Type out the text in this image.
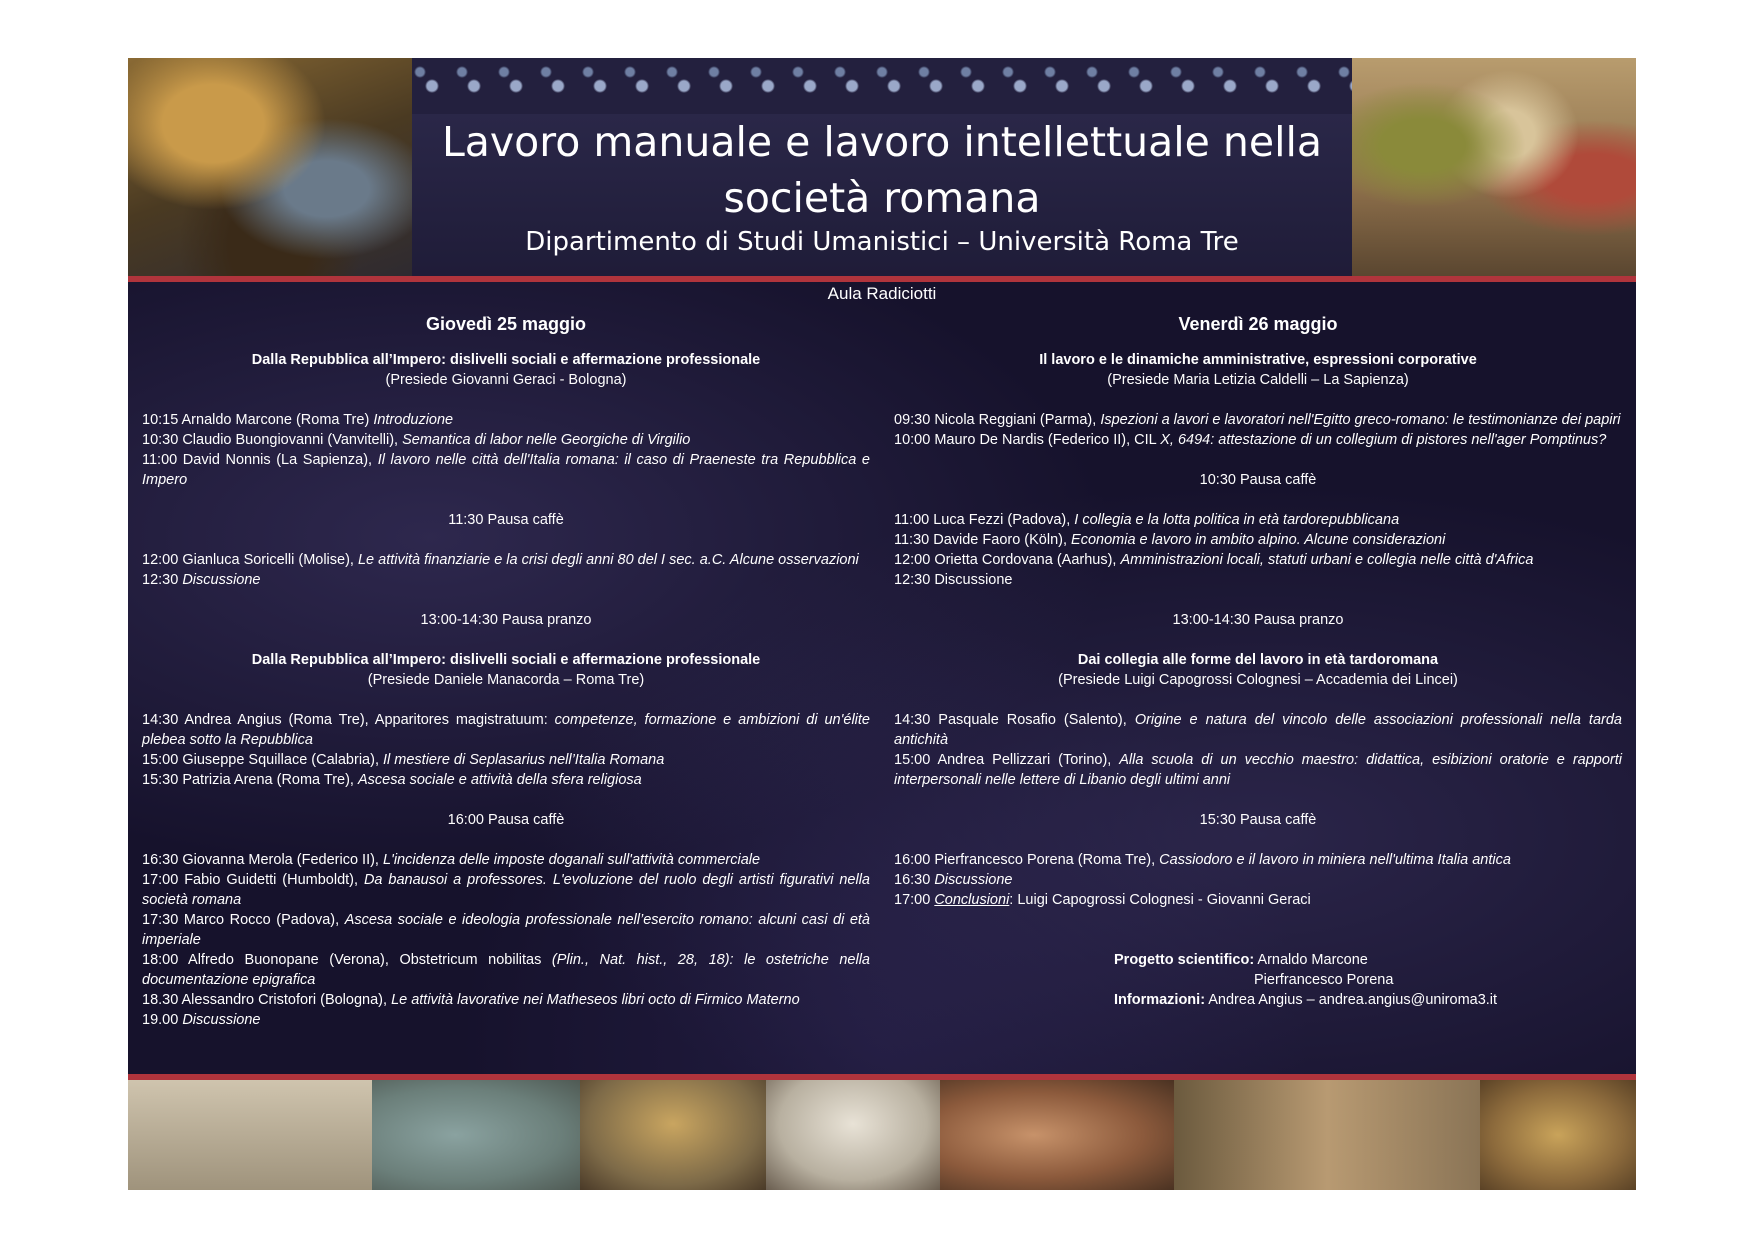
Lavoro manuale e lavoro intellettuale nella
società romana
Dipartimento di Studi Umanistici – Università Roma Tre
Aula Radiciotti
Giovedì 25 maggio
Dalla Repubblica all’Impero: dislivelli sociali e affermazione professionale
(Presiede Giovanni Geraci - Bologna)
10:15 Arnaldo Marcone (Roma Tre) Introduzione
10:30 Claudio Buongiovanni (Vanvitelli), Semantica di labor nelle Georgiche di Virgilio
11:00 David Nonnis (La Sapienza), Il lavoro nelle città dell'Italia romana: il caso di Praeneste tra Repubblica e Impero
11:30 Pausa caffè
12:00 Gianluca Soricelli (Molise), Le attività finanziarie e la crisi degli anni 80 del I sec. a.C. Alcune osservazioni
12:30 Discussione
13:00-14:30 Pausa pranzo
Dalla Repubblica all’Impero: dislivelli sociali e affermazione professionale
(Presiede Daniele Manacorda – Roma Tre)
14:30 Andrea Angius (Roma Tre), Apparitores magistratuum: competenze, formazione e ambizioni di un'élite plebea sotto la Repubblica
15:00 Giuseppe Squillace (Calabria), Il mestiere di Seplasarius nell’Italia Romana
15:30 Patrizia Arena (Roma Tre), Ascesa sociale e attività della sfera religiosa
16:00 Pausa caffè
16:30 Giovanna Merola (Federico II), L'incidenza delle imposte doganali sull'attività commerciale
17:00 Fabio Guidetti (Humboldt), Da banausoi a professores. L'evoluzione del ruolo degli artisti figurativi nella società romana
17:30 Marco Rocco (Padova), Ascesa sociale e ideologia professionale nell’esercito romano: alcuni casi di età imperiale
18:00 Alfredo Buonopane (Verona), Obstetricum nobilitas (Plin., Nat. hist., 28, 18): le ostetriche nella documentazione epigrafica
18.30 Alessandro Cristofori (Bologna), Le attività lavorative nei Matheseos libri octo di Firmico Materno
19.00 Discussione
Venerdì 26 maggio
Il lavoro e le dinamiche amministrative, espressioni corporative
(Presiede Maria Letizia Caldelli – La Sapienza)
09:30 Nicola Reggiani (Parma), Ispezioni a lavori e lavoratori nell'Egitto greco-romano: le testimonianze dei papiri
10:00 Mauro De Nardis (Federico II), CIL X, 6494: attestazione di un collegium di pistores nell'ager Pomptinus?
10:30 Pausa caffè
11:00 Luca Fezzi (Padova), I collegia e la lotta politica in età tardorepubblicana
11:30 Davide Faoro (Köln), Economia e lavoro in ambito alpino. Alcune considerazioni
12:00 Orietta Cordovana (Aarhus), Amministrazioni locali, statuti urbani e collegia nelle città d'Africa
12:30 Discussione
13:00-14:30 Pausa pranzo
Dai collegia alle forme del lavoro in età tardoromana
(Presiede Luigi Capogrossi Colognesi – Accademia dei Lincei)
14:30 Pasquale Rosafio (Salento), Origine e natura del vincolo delle associazioni professionali nella tarda antichità
15:00 Andrea Pellizzari (Torino), Alla scuola di un vecchio maestro: didattica, esibizioni oratorie e rapporti interpersonali nelle lettere di Libanio degli ultimi anni
15:30 Pausa caffè
16:00 Pierfrancesco Porena (Roma Tre), Cassiodoro e il lavoro in miniera nell'ultima Italia antica
16:30 Discussione
17:00 Conclusioni: Luigi Capogrossi Colognesi - Giovanni Geraci
Progetto scientifico: Arnaldo Marcone
Pierfrancesco Porena
Informazioni: Andrea Angius – andrea.angius@uniroma3.it
